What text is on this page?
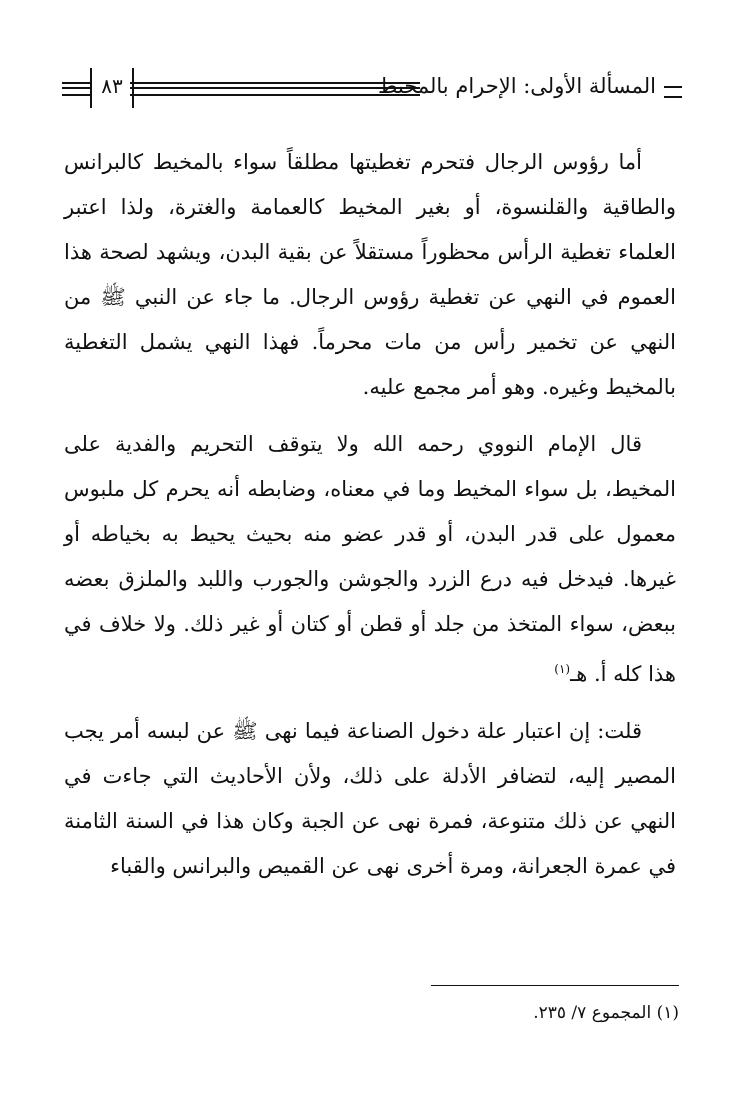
المسألة الأولى: الإحرام بالمخيط
٨٣

أما رؤوس الرجال فتحرم تغطيتها مطلقاً سواء بالمخيط كالبرانس والطاقية والقلنسوة، أو بغير المخيط كالعمامة والغترة، ولذا اعتبر العلماء تغطية الرأس محظوراً مستقلاً عن بقية البدن، ويشهد لصحة هذا العموم في النهي عن تغطية رؤوس الرجال. ما جاء عن النبي ﷺ من النهي عن تخمير رأس من مات محرماً. فهذا النهي يشمل التغطية بالمخيط وغيره. وهو أمر مجمع عليه.

قال الإمام النووي رحمه الله ولا يتوقف التحريم والفدية على المخيط، بل سواء المخيط وما في معناه، وضابطه أنه يحرم كل ملبوس معمول على قدر البدن، أو قدر عضو منه بحيث يحيط به بخياطه أو غيرها. فيدخل فيه درع الزرد والجوشن والجورب واللبد والملزق بعضه ببعض، سواء المتخذ من جلد أو قطن أو كتان أو غير ذلك. ولا خلاف في هذا كله أ. هـ$^{(١)}$

قلت: إن اعتبار علة دخول الصناعة فيما نهى ﷺ عن لبسه أمر يجب المصير إليه، لتضافر الأدلة على ذلك، ولأن الأحاديث التي جاءت في النهي عن ذلك متنوعة، فمرة نهى عن الجبة وكان هذا في السنة الثامنة في عمرة الجعرانة، ومرة أخرى نهى عن القميص والبرانس والقباء

(١) المجموع ٧/ ٢٣٥.
